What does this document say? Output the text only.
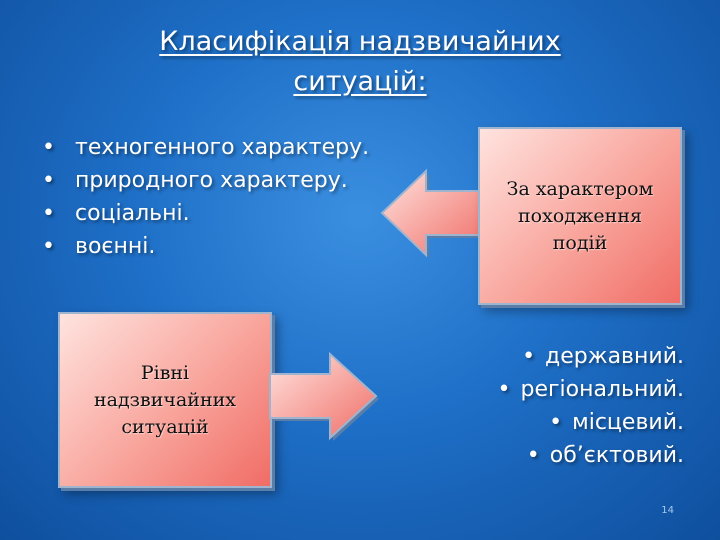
Класифікація надзвичайних
ситуацій:
• техногенного характеру.
• природного характеру.
• соціальні.
• воєнні.
За характером
походження
подій
Рівні
надзвичайних
ситуацій
• державний.
• регіональний.
• місцевий.
• об’єктовий.
14
